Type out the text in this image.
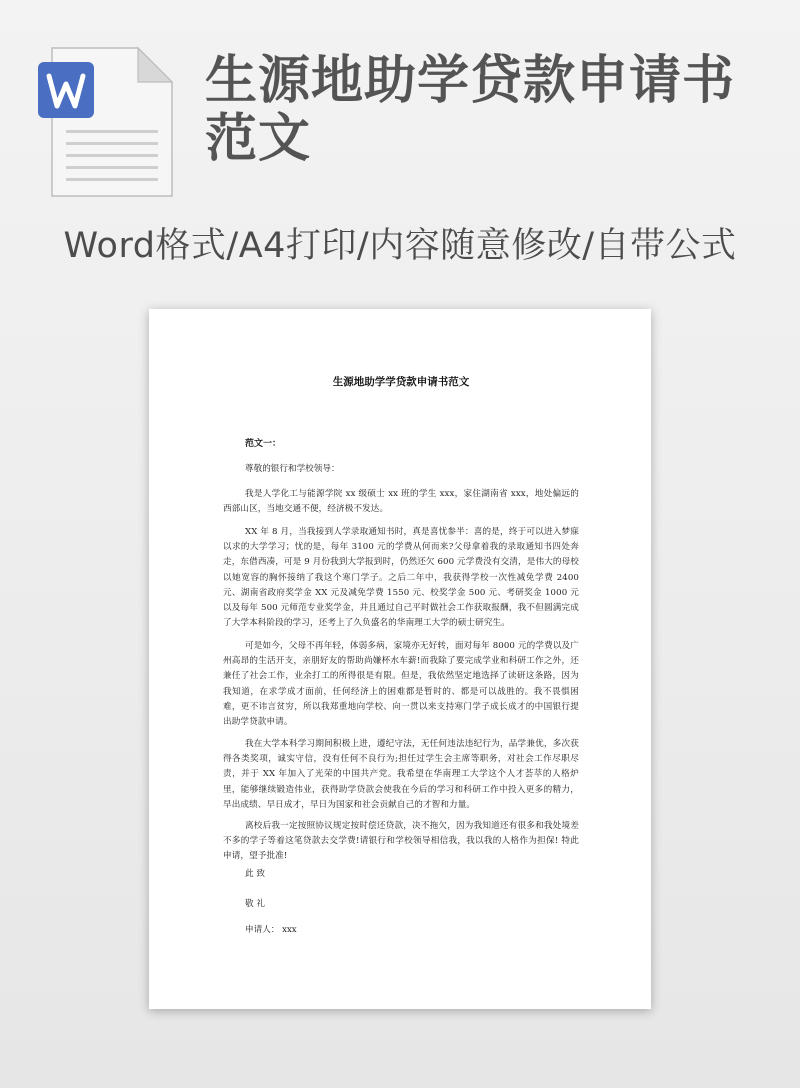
生源地助学贷款申请书
范文
Word格式/A4打印/内容随意修改/自带公式
生源地助学学贷款申请书范文
范文一：
尊敬的银行和学校领导：

我是人学化工与能源学院 xx 级硕士 xx 班的学生 xxx，家住湖南省 xxx，地处偏远的西部山区，当地交通不便，经济极不发达。

XX 年 8 月，当我接到人学录取通知书时，真是喜忧参半：喜的是，终于可以进入梦寐以求的大学学习；忧的是，每年 3100 元的学费从何而来?父母拿着我的录取通知书四处奔走，东借西凑，可是 9 月份我到大学报到时，仍然还欠 600 元学费没有交清，是伟大的母校以她宽容的胸怀接纳了我这个寒门学子。之后二年中，我获得学校一次性减免学费 2400 元、湖南省政府奖学金 XX 元及减免学费 1550 元、校奖学金 500 元、考研奖金 1000 元以及每年 500 元师范专业奖学金，并且通过自己平时做社会工作获取报酬，我不但圆满完成了大学本科阶段的学习，还考上了久负盛名的华南理工大学的硕士研究生。

可是如今，父母不再年轻，体弱多病，家境亦无好转，面对每年 8000 元的学费以及广州高昂的生活开支，亲朋好友的帮助尚嫌杯水车薪!而我除了要完成学业和科研工作之外，还兼任了社会工作，业余打工的所得很是有限。但是，我依然坚定地选择了读研这条路，因为我知道，在求学成才面前，任何经济上的困难都是暂时的、都是可以战胜的。我不畏惧困难，更不讳言贫穷，所以我郑重地向学校、向一贯以来支持寒门学子成长成才的中国银行提出助学贷款申请。

我在大学本科学习期间积极上进，遵纪守法，无任何违法违纪行为，品学兼优，多次获得各类奖项，诚实守信，没有任何不良行为;担任过学生会主席等职务，对社会工作尽职尽责，并于 XX 年加入了光荣的中国共产党。我希望在华南理工大学这个人才荟萃的人格炉里，能够继续锻造伟业，获得助学贷款会使我在今后的学习和科研工作中投入更多的精力，早出成绩、早日成才，早日为国家和社会贡献自己的才智和力量。

离校后我一定按照协议规定按时偿还贷款，决不拖欠，因为我知道还有很多和我处境差不多的学子等着这笔贷款去交学费!请银行和学校领导相信我，我以我的人格作为担保! 特此申请，望予批准!

此 致
敬 礼
申请人： xxx
